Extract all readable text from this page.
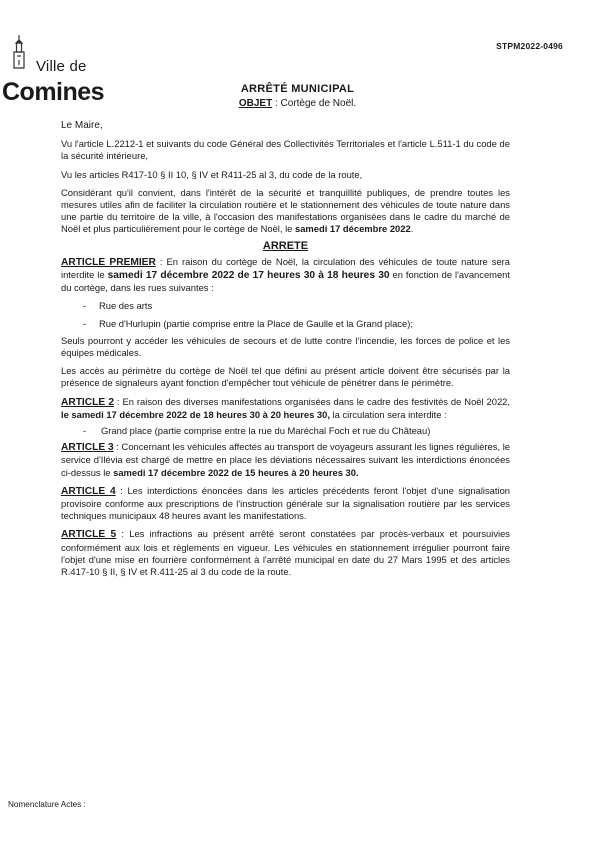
Ville de
Comines
STPM2022-0496
ARRÊTÉ MUNICIPAL
OBJET : Cortège de Noël.

Le Maire,

Vu l'article L.2212-1 et suivants du code Général des Collectivités Territoriales et l'article L.511-1 du code de la sécurité intérieure,

Vu les articles R417-10 § II 10, § IV et R411-25 al 3, du code de la route,

Considérant qu'il convient, dans l'intérêt de la sécurité et tranquillité publiques, de prendre toutes les mesures utiles afin de faciliter la circulation routière et le stationnement des véhicules de toute nature dans une partie du territoire de la ville, à l'occasion des manifestations organisées dans le cadre du marché de Noël et plus particulièrement pour le cortège de Noël, le samedi 17 décembre 2022.

ARRETE

ARTICLE PREMIER : En raison du cortège de Noël, la circulation des véhicules de toute nature sera interdite le samedi 17 décembre 2022 de 17 heures 30 à 18 heures 30 en fonction de l'avancement du cortège, dans les rues suivantes :

- Rue des arts
- Rue d'Hurlupin (partie comprise entre la Place de Gaulle et la Grand place);

Seuls pourront y accéder les véhicules de secours et de lutte contre l'incendie, les forces de police et les équipes médicales.

Les accès au périmètre du cortège de Noël tel que défini au présent article doivent être sécurisés par la présence de signaleurs ayant fonction d'empêcher tout véhicule de pénétrer dans le périmètre.

ARTICLE 2 : En raison des diverses manifestations organisées dans le cadre des festivités de Noël 2022, le samedi 17 décembre 2022 de 18 heures 30 à 20 heures 30, la circulation sera interdite :

- Grand place (partie comprise entre la rue du Maréchal Foch et rue du Château)

ARTICLE 3 : Concernant les véhicules affectés au transport de voyageurs assurant les lignes régulières, le service d'Ilévia est chargé de mettre en place les déviations nécessaires suivant les interdictions énoncées ci-dessus le samedi 17 décembre 2022 de 15 heures à 20 heures 30.

ARTICLE 4 : Les interdictions énoncées dans les articles précédents feront l'objet d'une signalisation provisoire conforme aux prescriptions de l'instruction générale sur la signalisation routière par les services techniques municipaux 48 heures avant les manifestations.

ARTICLE 5 : Les infractions au présent arrêté seront constatées par procès-verbaux et poursuivies conformément aux lois et règlements en vigueur. Les véhicules en stationnement irrégulier pourront faire l'objet d'une mise en fourrière conformément à l'arrêté municipal en date du 27 Mars 1995 et des articles R.417-10 § II, § IV et R.411-25 al 3 du code de la route.

Nomenclature Actes :
